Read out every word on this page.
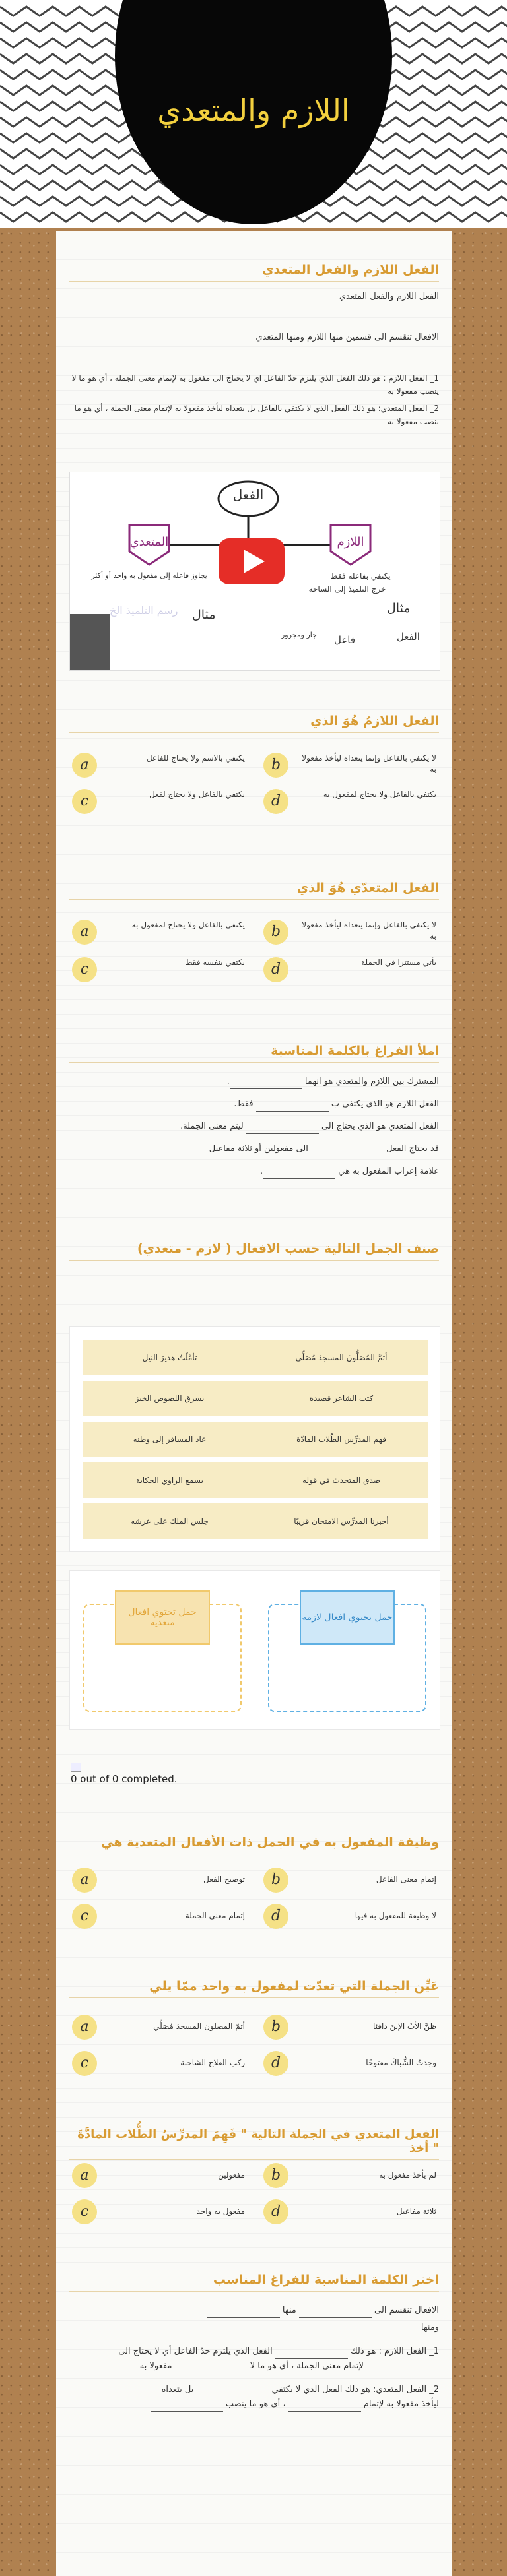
اللازم والمتعدي
الفعل اللازم والفعل المتعدي

الفعل اللازم والفعل المتعدي

الافعال تنقسم الى قسمين منها اللازم ومنها المتعدي

1_ الفعل اللازم : هو ذلك الفعل الذي يلتزم حدّ الفاعل اي لا يحتاج الى مفعول به لإتمام معنى الجملة ، أي هو ما لا ينصب مفعولا به

2_ الفعل المتعدي: هو ذلك الفعل الذي لا يكتفي بالفاعل بل يتعداه ليأخذ مفعولا به لإتمام معنى الجملة ، أي هو ما ينصب مفعولا به

الفعل
المتعدي	اللازم
يجاوز فاعله إلى مفعول به واحد أو أكثر	يكتفي بفاعله فقط
مثال	مثال
خرج التلميذ إلى الساحة
الفعل
فاعل
جار ومجرور
رسم التلميذ الخ
الفعل اللازمُ هُوَ الذي
b	لا يكتفي بالفاعل وإنما يتعداه ليأخذ مفعولا به
a	يكتفي بالاسم ولا يحتاج للفاعل
d	يكتفي بالفاعل ولا يحتاج لمفعول به
c	يكتفي بالفاعل ولا يحتاج لفعل
الفعل المتعدّي هُوَ الذي
b	لا يكتفي بالفاعل وإنما يتعداه ليأخذ مفعولا به
a	يكتفي بالفاعل ولا يحتاج لمفعول به
d	يأتي مستترا في الجملة
c	يكتفي بنفسه فقط
املأ الفراغ بالكلمة المناسبة
المشترك بين اللازم والمتعدي هو انهما .
الفعل اللازم هو الذي يكتفي ب  فقط.
الفعل المتعدي هو الذي يحتاج الى  ليتم معنى الجملة.
قد يحتاج الفعل  الى مفعولين أو ثلاثة مفاعيل
علامة إعراب المفعول به هي .
صنف الجمل التالية حسب الافعال ( لازم - متعدي)
تأمَّلْتُ هديرَ النيل
يسرق اللصوص الخبز
عاد المسافر إلى وطنه
يسمع الراوي الحكاية
جلس الملك على عرشه
أتمَّ المُصَلُّونَ المسجدَ مُصَلِّي
كتب الشاعر قصيدة
فهم المدرِّس الطُلاب المادّة
صدق المتحدث في قوله
أخبرنا المدرِّس الامتحان قريبًا
جمل تحتوي افعال متعدية	جمل تحتوي افعال لازمة
0 out of 0 completed.
وظيفة المفعول به في الجمل ذات الأفعال المتعدية هي
b	إتمام معنى الفاعل
a	توضيح الفعل
d	لا وظيفة للمفعول به فيها
c	إتمام معنى الجملة
عَيِّن الجملة التي تعدّت لمفعول به واحد ممّا يلي
b	ظنَّ الأبُ الإبنَ دافئا
a	أتمّ المصلون المسجدَ مُصَلِّي
d	وجدتُ الشُّباكَ مفتوحًا
c	ركب الفلاح الشاحنة
الفعل المتعدي في الجملة التالية " فَهِمَ المدرِّسُ الطُّلاب المادَّةَ " أخذ
b	لم يأخذ مفعول به
a	مفعولين
d	ثلاثة مفاعيل
c	مفعول به واحد
اختر الكلمة المناسبة للفراغ المناسب
الافعال تنقسم الى  منها
ومنها
1_ الفعل اللازم : هو ذلك  الفعل الذي يلتزم حدّ الفاعل أي لا يحتاج الى  لإتمام معنى الجملة ، أي هو ما لا  مفعولا به
2_ الفعل المتعدي: هو ذلك الفعل الذي لا يكتفي  بل يتعداه  ليأخذ مفعولا به لإتمام  ، أي هو ما ينصب
